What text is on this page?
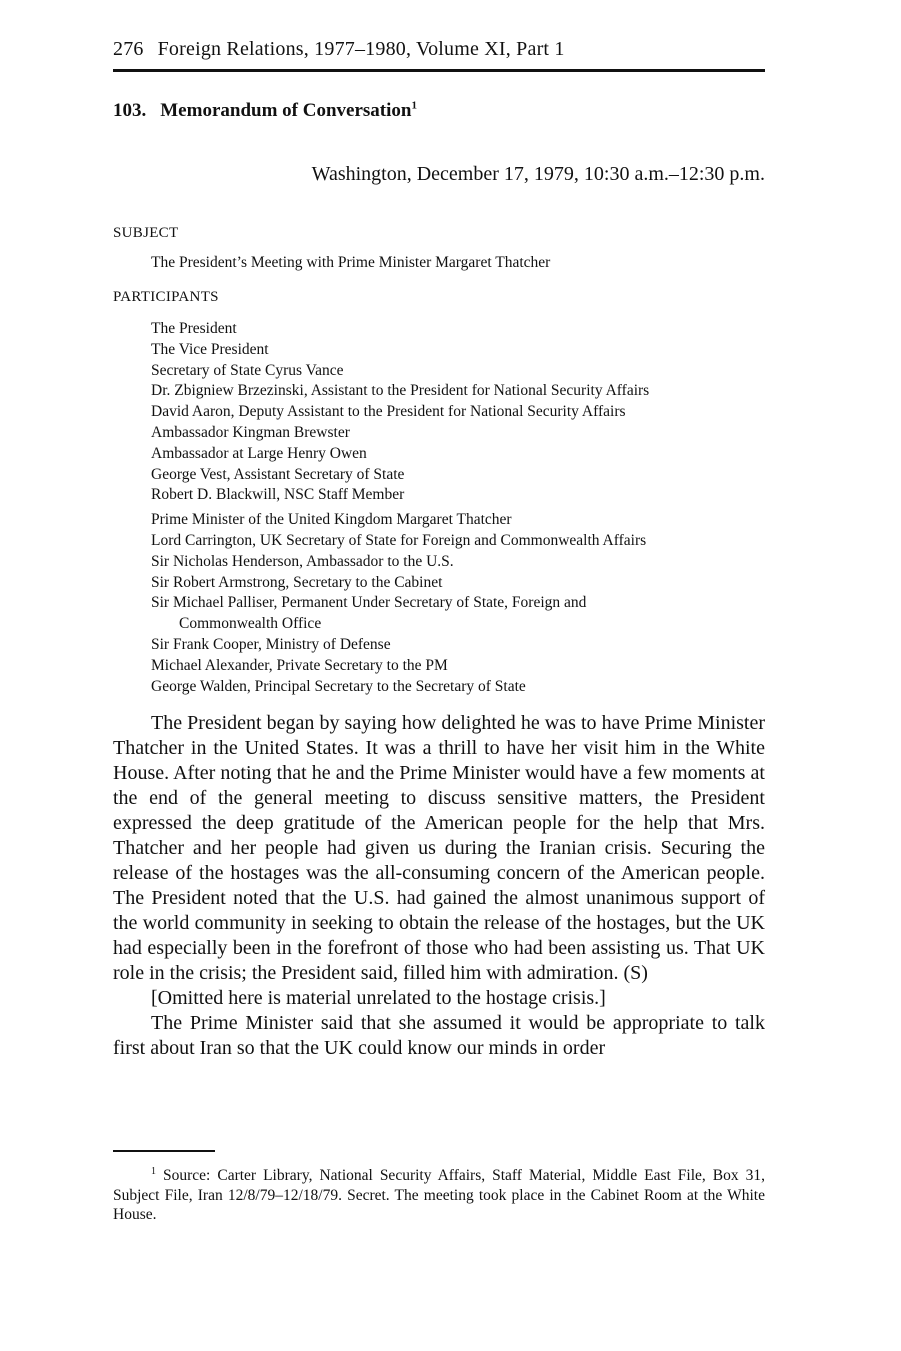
276 Foreign Relations, 1977–1980, Volume XI, Part 1
103. Memorandum of Conversation$^1$
Washington, December 17, 1979, 10:30 a.m.–12:30 p.m.
SUBJECT
The President’s Meeting with Prime Minister Margaret Thatcher
PARTICIPANTS
The President
The Vice President
Secretary of State Cyrus Vance
Dr. Zbigniew Brzezinski, Assistant to the President for National Security Affairs
David Aaron, Deputy Assistant to the President for National Security Affairs
Ambassador Kingman Brewster
Ambassador at Large Henry Owen
George Vest, Assistant Secretary of State
Robert D. Blackwill, NSC Staff Member
Prime Minister of the United Kingdom Margaret Thatcher
Lord Carrington, UK Secretary of State for Foreign and Commonwealth Affairs
Sir Nicholas Henderson, Ambassador to the U.S.
Sir Robert Armstrong, Secretary to the Cabinet
Sir Michael Palliser, Permanent Under Secretary of State, Foreign and
Commonwealth Office
Sir Frank Cooper, Ministry of Defense
Michael Alexander, Private Secretary to the PM
George Walden, Principal Secretary to the Secretary of State

The President began by saying how delighted he was to have Prime Minister Thatcher in the United States. It was a thrill to have her visit him in the White House. After noting that he and the Prime Minister would have a few moments at the end of the general meeting to discuss sensitive matters, the President expressed the deep gratitude of the American people for the help that Mrs. Thatcher and her people had given us during the Iranian crisis. Securing the release of the hostages was the all-consuming concern of the American people. The President noted that the U.S. had gained the almost unanimous support of the world community in seeking to obtain the release of the hostages, but the UK had especially been in the forefront of those who had been assisting us. That UK role in the crisis; the President said, filled him with admiration. (S)

[Omitted here is material unrelated to the hostage crisis.]

The Prime Minister said that she assumed it would be appropriate to talk first about Iran so that the UK could know our minds in order

$^1$ Source: Carter Library, National Security Affairs, Staff Material, Middle East File, Box 31, Subject File, Iran 12/8/79–12/18/79. Secret. The meeting took place in the Cabinet Room at the White House.
